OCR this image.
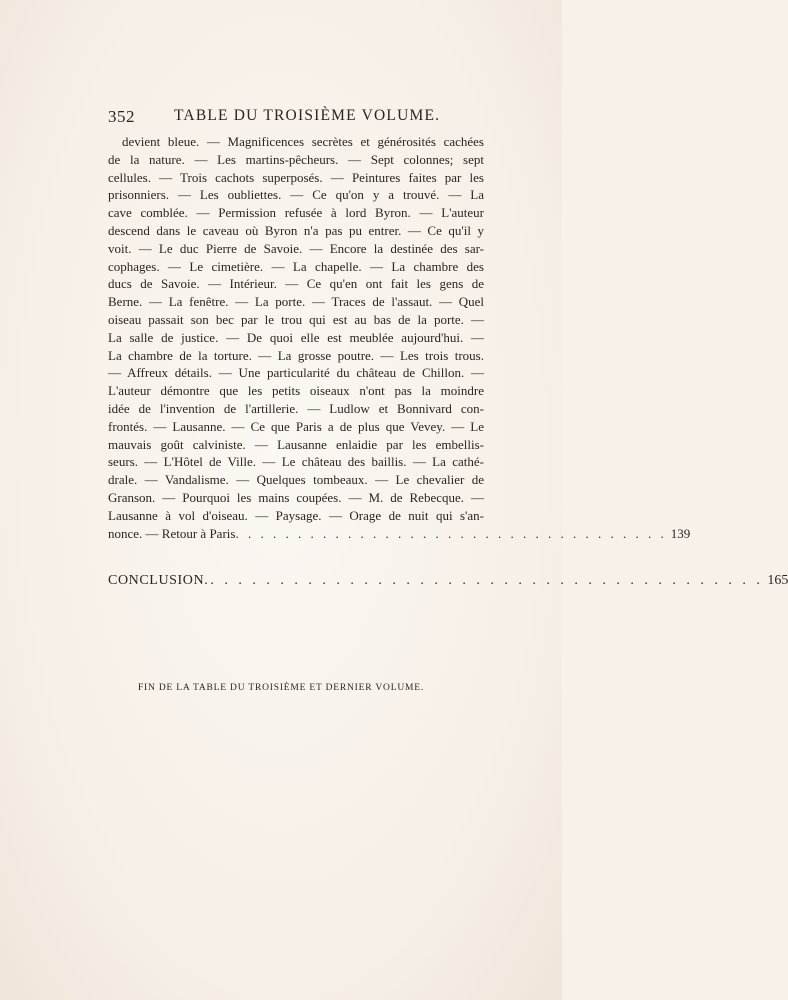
352	TABLE DU TROISIÈME VOLUME.
devient bleue. — Magnificences secrètes et générosités cachées
de la nature. — Les martins-pêcheurs. — Sept colonnes; sept
cellules. — Trois cachots superposés. — Peintures faites par les
prisonniers. — Les oubliettes. — Ce qu'on y a trouvé. — La
cave comblée. — Permission refusée à lord Byron. — L'auteur
descend dans le caveau où Byron n'a pas pu entrer. — Ce qu'il y
voit. — Le duc Pierre de Savoie. — Encore la destinée des sar-
cophages. — Le cimetière. — La chapelle. — La chambre des
ducs de Savoie. — Intérieur. — Ce qu'en ont fait les gens de
Berne. — La fenêtre. — La porte. — Traces de l'assaut. — Quel
oiseau passait son bec par le trou qui est au bas de la porte. —
La salle de justice. — De quoi elle est meublée aujourd'hui. —
La chambre de la torture. — La grosse poutre. — Les trois trous.
— Affreux détails. — Une particularité du château de Chillon. —
L'auteur démontre que les petits oiseaux n'ont pas la moindre
idée de l'invention de l'artillerie. — Ludlow et Bonnivard con-
frontés. — Lausanne. — Ce que Paris a de plus que Vevey. — Le
mauvais goût calviniste. — Lausanne enlaidie par les embellis-
seurs. — L'Hôtel de Ville. — Le château des baillis. — La cathé-
drale. — Vandalisme. — Quelques tombeaux. — Le chevalier de
Granson. — Pourquoi les mains coupées. — M. de Rebecque. —
Lausanne à vol d'oiseau. — Paysage. — Orage de nuit qui s'an-
nonce. — Retour à Paris . . . . . . . . . . . . . . . . . . . . . . . . . . . . . . . . . . . 139
CONCLUSION. . . . . . . . . . . . . . . . . . . . . . . . . . . . . . . . . . . . . . . . . 165
FIN DE LA TABLE DU TROISIÈME ET DERNIER VOLUME.
